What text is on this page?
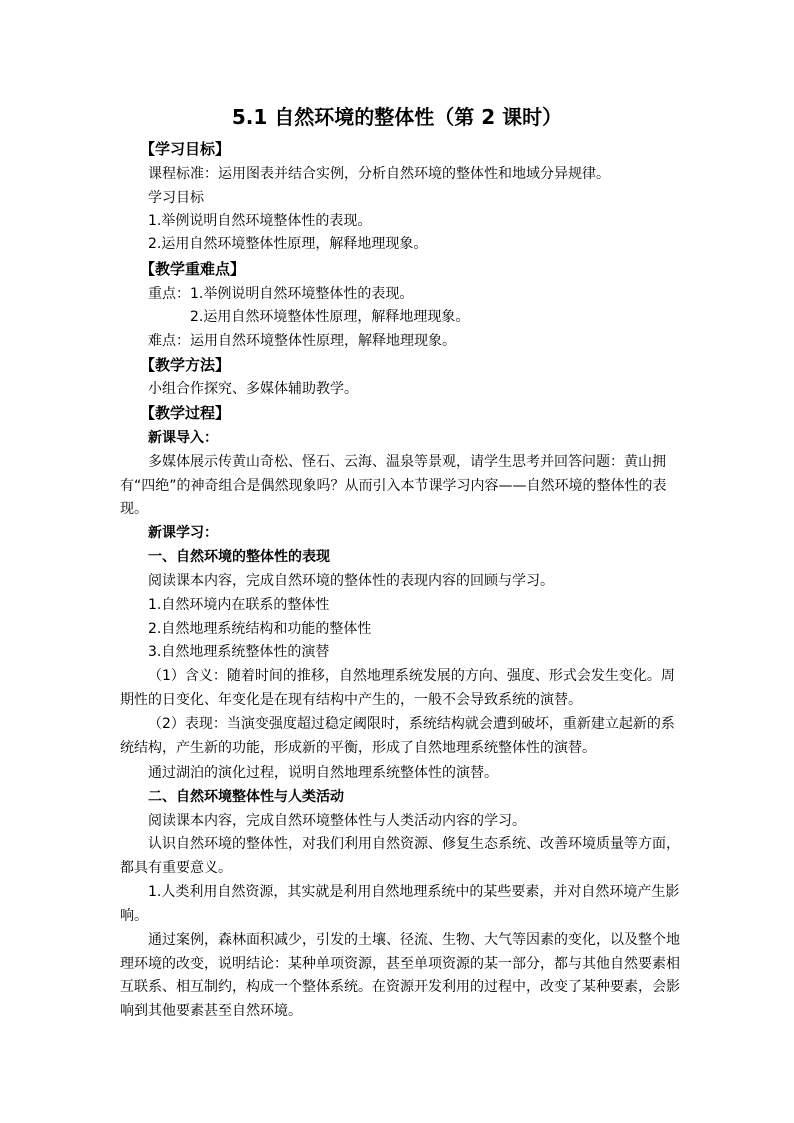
5.1 自然环境的整体性（第 2 课时）
【学习目标】
课程标准：运用图表并结合实例，分析自然环境的整体性和地域分异规律。
学习目标
1.举例说明自然环境整体性的表现。
2.运用自然环境整体性原理，解释地理现象。
【教学重难点】
重点：1.举例说明自然环境整体性的表现。
2.运用自然环境整体性原理，解释地理现象。
难点：运用自然环境整体性原理，解释地理现象。
【教学方法】
小组合作探究、多媒体辅助教学。
【教学过程】
新课导入：
多媒体展示传黄山奇松、怪石、云海、温泉等景观，请学生思考并回答问题：黄山拥有“四绝”的神奇组合是偶然现象吗？从而引入本节课学习内容——自然环境的整体性的表现。
新课学习：
一、自然环境的整体性的表现
阅读课本内容，完成自然环境的整体性的表现内容的回顾与学习。
1.自然环境内在联系的整体性
2.自然地理系统结构和功能的整体性
3.自然地理系统整体性的演替
（1）含义：随着时间的推移，自然地理系统发展的方向、强度、形式会发生变化。周期性的日变化、年变化是在现有结构中产生的，一般不会导致系统的演替。
（2）表现：当演变强度超过稳定阈限时，系统结构就会遭到破坏，重新建立起新的系统结构，产生新的功能，形成新的平衡，形成了自然地理系统整体性的演替。
通过湖泊的演化过程，说明自然地理系统整体性的演替。
二、自然环境整体性与人类活动
阅读课本内容，完成自然环境整体性与人类活动内容的学习。
认识自然环境的整体性，对我们利用自然资源、修复生态系统、改善环境质量等方面，都具有重要意义。
1.人类利用自然资源，其实就是利用自然地理系统中的某些要素，并对自然环境产生影响。
通过案例，森林面积减少，引发的土壤、径流、生物、大气等因素的变化，以及整个地理环境的改变，说明结论：某种单项资源，甚至单项资源的某一部分，都与其他自然要素相互联系、相互制约，构成一个整体系统。在资源开发利用的过程中，改变了某种要素，会影响到其他要素甚至自然环境。
